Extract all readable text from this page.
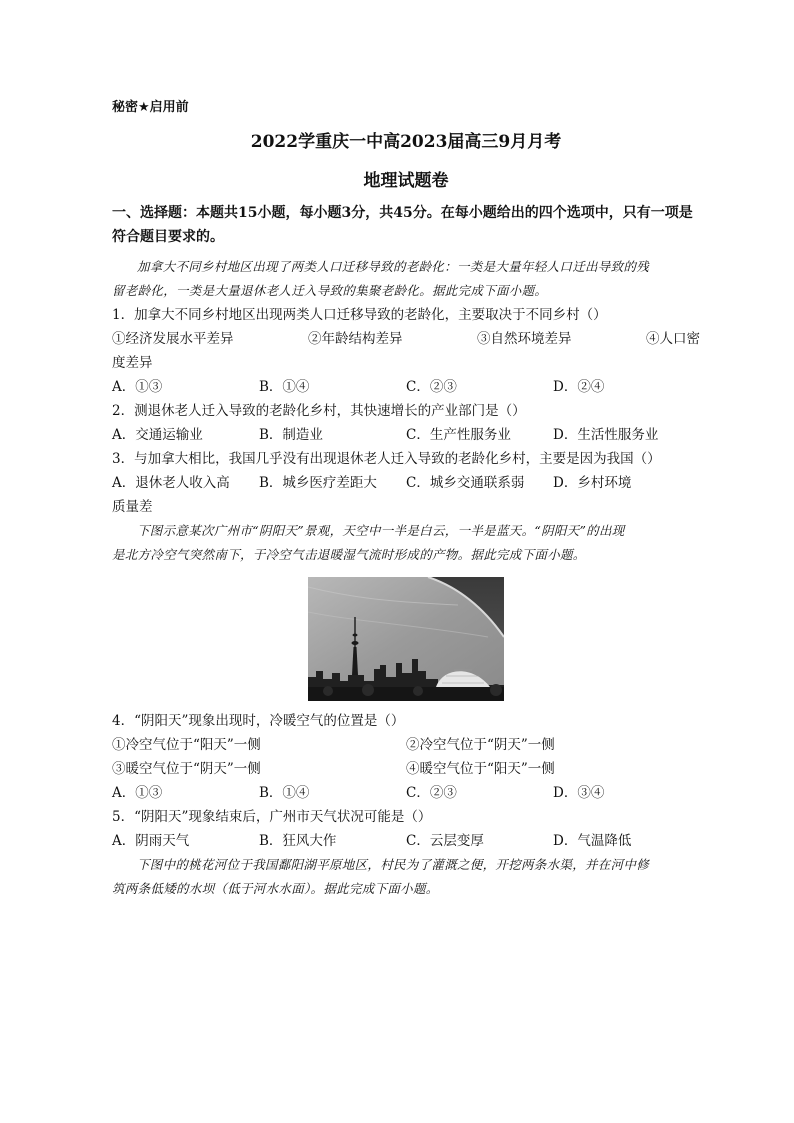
秘密★启用前

2022学重庆一中高2023届高三9月月考

地理试题卷

一、选择题：本题共15小题，每小题3分，共45分。在每小题给出的四个选项中，只有一项是

符合题目要求的。

加拿大不同乡村地区出现了两类人口迁移导致的老龄化：一类是大量年轻人口迁出导致的残

留老龄化，一类是大量退休老人迁入导致的集聚老龄化。据此完成下面小题。

1．加拿大不同乡村地区出现两类人口迁移导致的老龄化，主要取决于不同乡村（）

①经济发展水平差异	②年龄结构差异	③自然环境差异	④人口密

度差异

A．①③	B．①④	C．②③	D．②④

2．测退休老人迁入导致的老龄化乡村，其快速增长的产业部门是（）

A．交通运输业	B．制造业	C．生产性服务业	D．生活性服务业

3．与加拿大相比，我国几乎没有出现退休老人迁入导致的老龄化乡村，主要是因为我国（）

A．退休老人收入高	B．城乡医疗差距大	C．城乡交通联系弱	D．乡村环境

质量差

下图示意某次广州市“阴阳天”景观，天空中一半是白云，一半是蓝天。“阴阳天”的出现

是北方冷空气突然南下，于冷空气击退暖湿气流时形成的产物。据此完成下面小题。

4．“阴阳天”现象出现时，冷暖空气的位置是（）

①冷空气位于“阳天”一侧	②冷空气位于“阴天”一侧
③暖空气位于“阴天”一侧	④暖空气位于“阳天”一侧
A．①③	B．①④	C．②③	D．③④

5．“阴阳天”现象结束后，广州市天气状况可能是（）

A．阴雨天气	B．狂风大作	C．云层变厚	D．气温降低

下图中的桃花河位于我国鄱阳湖平原地区，村民为了灌溉之便，开挖两条水渠，并在河中修

筑两条低矮的水坝（低于河水水面）。据此完成下面小题。
